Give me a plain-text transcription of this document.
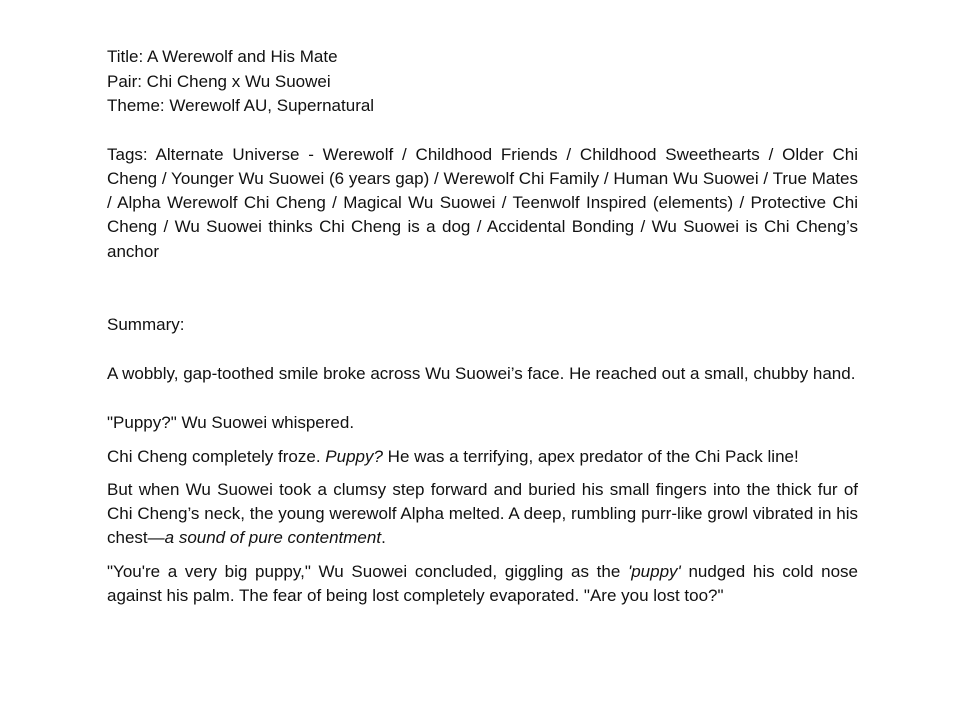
Title: A Werewolf and His Mate

Pair: Chi Cheng x Wu Suowei

Theme: Werewolf AU, Supernatural

Tags: Alternate Universe - Werewolf / Childhood Friends / Childhood Sweethearts / Older Chi Cheng / Younger Wu Suowei (6 years gap) / Werewolf Chi Family / Human Wu Suowei / True Mates / Alpha Werewolf Chi Cheng / Magical Wu Suowei / Teenwolf Inspired (elements) / Protective Chi Cheng / Wu Suowei thinks Chi Cheng is a dog / Accidental Bonding / Wu Suowei is Chi Cheng’s anchor

Summary:

A wobbly, gap-toothed smile broke across Wu Suowei’s face. He reached out a small, chubby hand.

"Puppy?" Wu Suowei whispered.

Chi Cheng completely froze. Puppy? He was a terrifying, apex predator of the Chi Pack line!

But when Wu Suowei took a clumsy step forward and buried his small fingers into the thick fur of Chi Cheng’s neck, the young werewolf Alpha melted. A deep, rumbling purr-like growl vibrated in his chest—a sound of pure contentment.

"You're a very big puppy," Wu Suowei concluded, giggling as the 'puppy' nudged his cold nose against his palm. The fear of being lost completely evaporated. "Are you lost too?"
